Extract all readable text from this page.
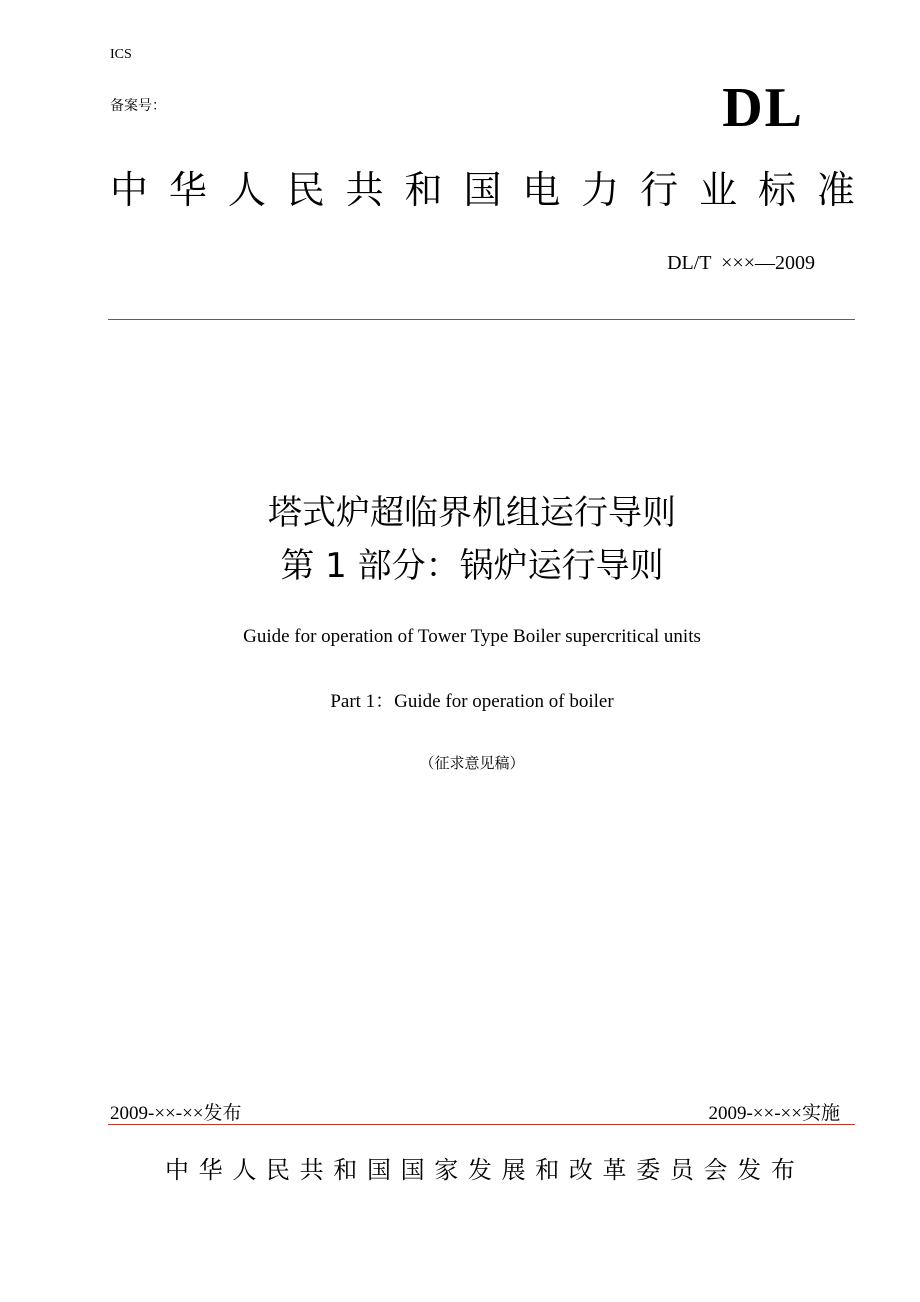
ICS
备案号：	DL
中 华 人 民 共 和 国 电 力 行 业 标 准
DL/T  ×××—2009
塔式炉超临界机组运行导则
第 1 部分：锅炉运行导则
Guide for operation of Tower Type Boiler supercritical units
Part 1：Guide for operation of boiler
（征求意见稿）
2009-××-××发布	2009-××-××实施
中 华 人 民 共 和 国 国 家 发 展 和 改 革 委 员 会 发 布
